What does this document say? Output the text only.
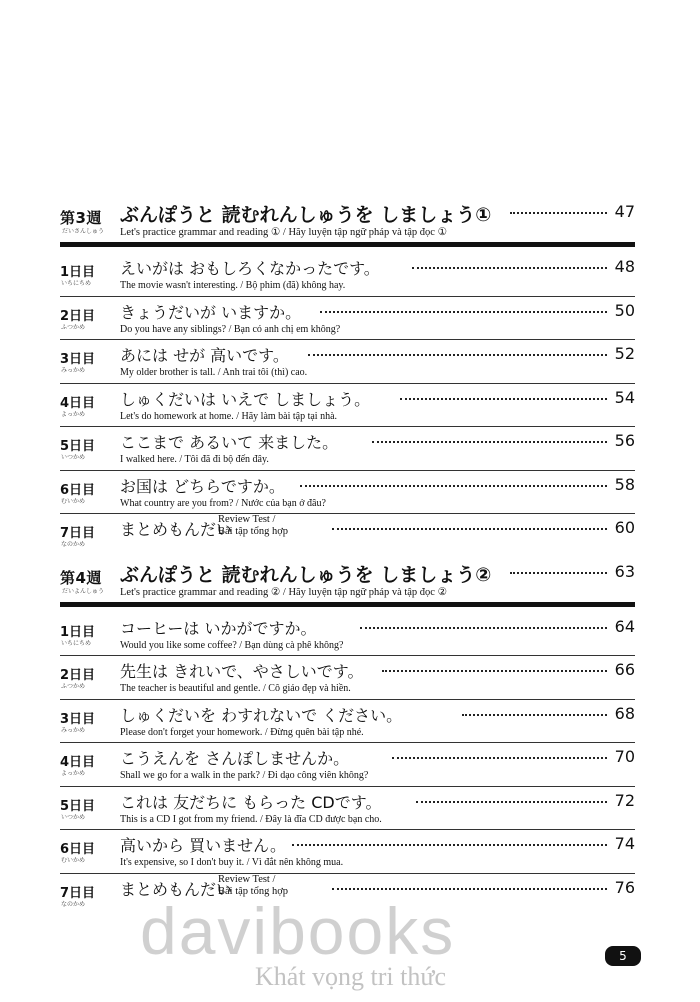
第3週
だいさんしゅう
ぶんぽうと 読むれんしゅうを しましょう①	47
Let's practice grammar and reading ① / Hãy luyện tập ngữ pháp và tập đọc ①
1日目
いちにちめ
えいがは おもしろくなかったです。	48
The movie wasn't interesting. / Bộ phim (đã) không hay.
2日目
ふつかめ
きょうだいが いますか。	50
Do you have any siblings? / Bạn có anh chị em không?
3日目
みっかめ
あには せが 高いです。	52
My older brother is tall. / Anh trai tôi (thì) cao.
4日目
よっかめ
しゅくだいは いえで しましょう。	54
Let's do homework at home. / Hãy làm bài tập tại nhà.
5日目
いつかめ
ここまで あるいて 来ました。	56
I walked here. / Tôi đã đi bộ đến đây.
6日目
むいかめ
お国は どちらですか。	58
What country are you from? / Nước của bạn ở đâu?
7日目
なのかめ
まとめもんだい
Review Test /
Bài tập tổng hợp	60
第4週
だいよんしゅう
ぶんぽうと 読むれんしゅうを しましょう②	63
Let's practice grammar and reading ② / Hãy luyện tập ngữ pháp và tập đọc ②
1日目
いちにちめ
コーヒーは いかがですか。	64
Would you like some coffee? / Bạn dùng cà phê không?
2日目
ふつかめ
先生は きれいで、やさしいです。	66
The teacher is beautiful and gentle. / Cô giáo đẹp và hiền.
3日目
みっかめ
しゅくだいを わすれないで ください。	68
Please don't forget your homework. / Đừng quên bài tập nhé.
4日目
よっかめ
こうえんを さんぽしませんか。	70
Shall we go for a walk in the park? / Đi dạo công viên không?
5日目
いつかめ
これは 友だちに もらった CDです。	72
This is a CD I got from my friend. / Đây là đĩa CD được bạn cho.
6日目
むいかめ
高いから 買いません。	74
It's expensive, so I don't buy it. / Vì đắt nên không mua.
7日目
なのかめ
まとめもんだい
Review Test /
Bài tập tổng hợp	76
davibooks
Khát vọng tri thức
5
